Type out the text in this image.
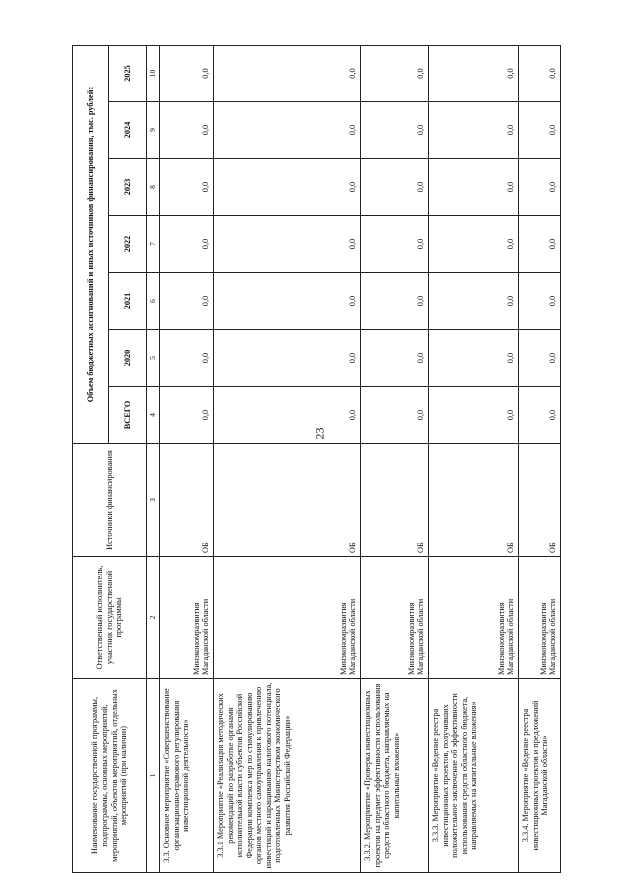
23
Наименование государственной программы, подпрограммы, основных мероприятий, мероприятий, объектов мероприятий, отдельных мероприятий (при наличии)	Ответственный исполнитель, участник государственной программы	Источники финансирования	Объем бюджетных ассигнований и иных источников финансирования, тыс. рублей:						
			ВСЕГО	2020	2021	2022	2023	2024	2025
1	2	3	4	5	6	7	8	9	10
3.3. Основное мероприятие «Совершенствование организационно-правового регулирования инвестиционной деятельности»	Минэкономразвития Магаданской области	ОБ	0,0	0,0	0,0	0,0	0,0	0,0	0,0
3.3.1 Мероприятие «Реализация методических рекомендаций по разработке органами исполнительной власти субъектов Российской Федерации комплекса мер по стимулированию органов местного самоуправления к привлечению инвестиций и наращиванию налогового потенциала, подготовленных Министерством экономического развития Российской Федерации»	Минэкономразвития Магаданской области	ОБ	0,0	0,0	0,0	0,0	0,0	0,0	0,0
3.3.2. Мероприятие «Проверка инвестиционных проектов на предмет эффективности использования средств областного бюджета, направляемых на капитальные вложения»	Минэкономразвития Магаданской области	ОБ	0,0	0,0	0,0	0,0	0,0	0,0	0,0
3.3.3. Мероприятие «Ведение реестра инвестиционных проектов, получивших положительное заключение об эффективности использования средств областного бюджета, направляемых на капитальные вложения»	Минэкономразвития Магаданской области	ОБ	0,0	0,0	0,0	0,0	0,0	0,0	0,0
3.3.4. Мероприятие «Ведение реестра инвестиционных проектов и предложений Магаданской области»	Минэкономразвития Магаданской области	ОБ	0,0	0,0	0,0	0,0	0,0	0,0	0,0
